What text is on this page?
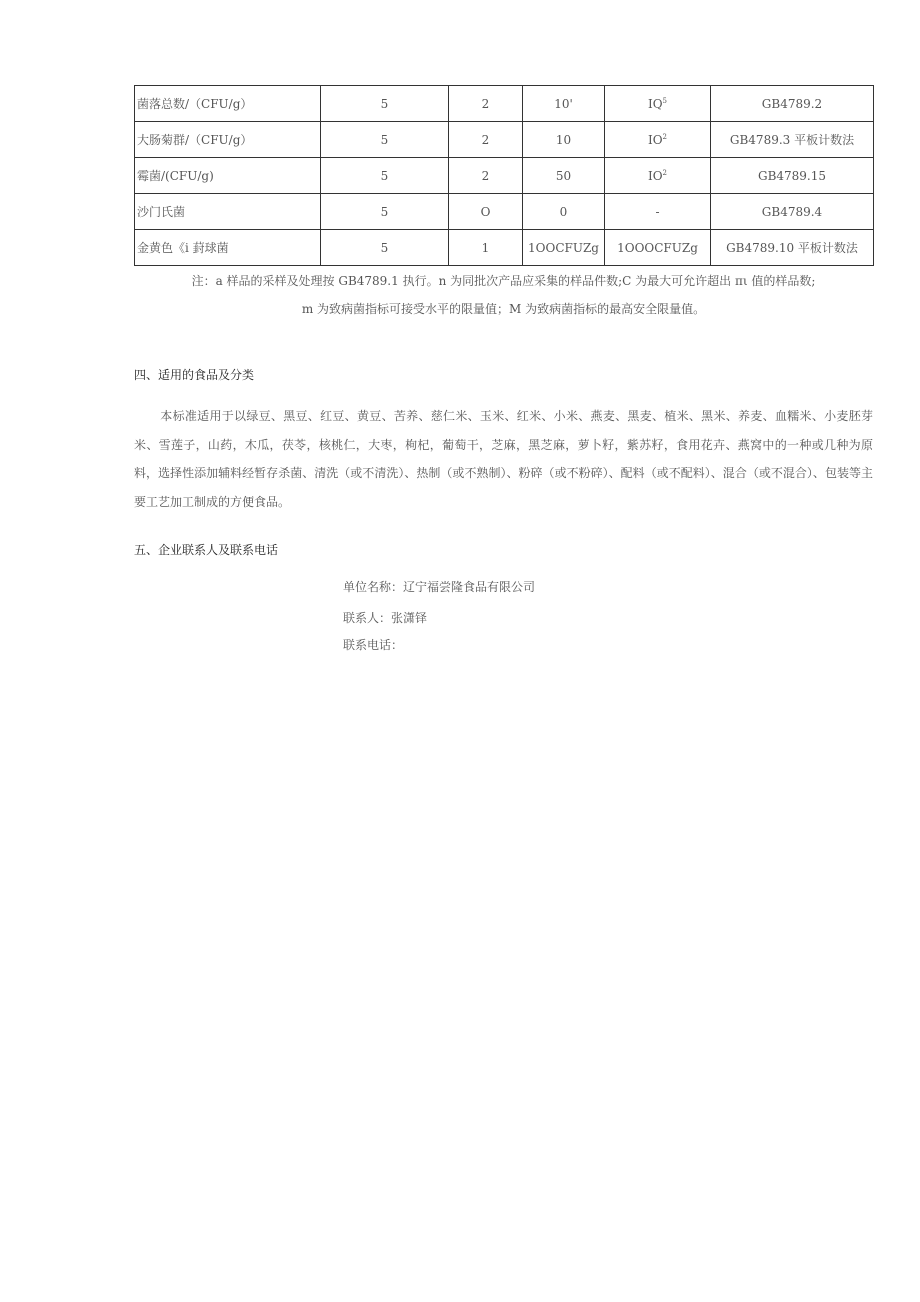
菌落总数/（CFU/g）	5	2	10'	$IQ^5$	GB4789.2
大肠菊群/（CFU/g）	5	2	10	$IO^2$	GB4789.3 平板计数法
霉菌/(CFU/g)	5	2	50	$IO^2$	GB4789.15
沙门氏菌	5	O	0	-	GB4789.4
金黄色《i 葑球菌	5	1	1OOCFUZg	1OOOCFUZg	GB4789.10 平板计数法
注：a 样品的采样及处理按 GB4789.1 执行。n 为同批次产品应采集的样品件数;C 为最大可允许超出 πι 值的样品数;
m 为致病菌指标可接受水平的限量值；M 为致病菌指标的最高安全限量值。
四、适用的食品及分类

本标准适用于以绿豆、黑豆、红豆、黄豆、苦养、慈仁米、玉米、红米、小米、燕麦、黑麦、植米、黑米、养麦、血糯米、小麦胚芽米、雪莲子，山药，木瓜，茯苓，核桃仁，大枣，枸杞，葡萄干，芝麻，黑芝麻，萝卜籽，紫苏籽，食用花卉、燕窝中的一种或几种为原料，选择性添加辅料经暂存杀菌、清洗（或不清洗）、热制（或不熟制）、粉碎（或不粉碎）、配料（或不配料）、混合（或不混合）、包装等主要工艺加工制成的方便食品。

五、企业联系人及联系电话
单位名称：辽宁福尝隆食品有限公司
联系人：张潇铎
联系电话：
